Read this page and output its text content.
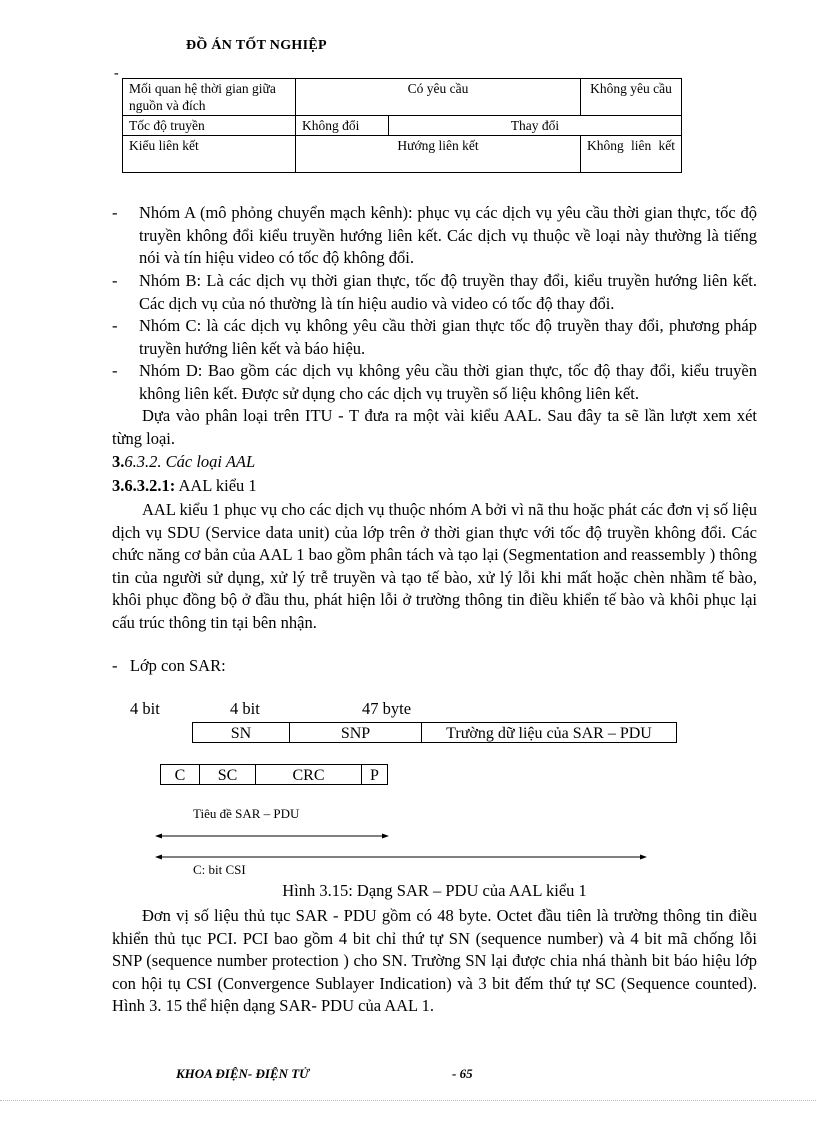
ĐỒ ÁN TỐT NGHIỆP
-
Mối quan hệ thời gian giữa nguồn và đích	Có yêu cầu		Không yêu cầu
Tốc độ truyền	Không đổi	Thay đổi	
Kiểu liên kết	Hướng liên kết		Không liên kết
- Nhóm A (mô phỏng chuyển mạch kênh): phục vụ các dịch vụ yêu cầu thời gian thực, tốc độ truyền không đổi kiểu truyền hướng liên kết. Các dịch vụ thuộc về loại này thường là tiếng nói và tín hiệu video có tốc độ không đổi.
- Nhóm B: Là các dịch vụ thời gian thực, tốc độ truyền thay đổi, kiểu truyền hướng liên kết. Các dịch vụ của nó thường là tín hiệu audio và video có tốc độ thay đổi.
- Nhóm C: là các dịch vụ không yêu cầu thời gian thực tốc độ truyền thay đổi, phương pháp truyền hướng liên kết và báo hiệu.
- Nhóm D: Bao gồm các dịch vụ không yêu cầu thời gian thực, tốc độ thay đổi, kiểu truyền không liên kết. Được sử dụng cho các dịch vụ truyền số liệu không liên kết.
Dựa vào phân loại trên ITU - T đưa ra một vài kiểu AAL. Sau đây ta sẽ lần lượt xem xét từng loại.
3.6.3.2. Các loại AAL
3.6.3.2.1: AAL kiểu 1
AAL kiểu 1 phục vụ cho các dịch vụ thuộc nhóm A bởi vì nã thu hoặc phát các đơn vị số liệu dịch vụ SDU (Service data unit) của lớp trên ở thời gian thực với tốc độ truyền không đổi. Các chức năng cơ bản của AAL 1 bao gồm phân tách và tạo lại (Segmentation and reassembly ) thông tin của người sử dụng, xử lý trễ truyền và tạo tế bào, xử lý lỗi khi mất hoặc chèn nhầm tế bào, khôi phục đồng bộ ở đầu thu, phát hiện lỗi ở trường thông tin điều khiển tế bào và khôi phục lại cấu trúc thông tin tại bên nhận.
-   Lớp con SAR:
4 bit	4 bit	47 byte
SN	SNP	Trường dữ liệu của SAR – PDU
C	SC	CRC	P
Tiêu đề SAR – PDU
C: bit CSI
Hình 3.15: Dạng SAR – PDU của AAL kiểu 1
Đơn vị số liệu thủ tục SAR - PDU gồm có 48 byte. Octet đầu tiên là trường thông tin điều khiển thủ tục PCI. PCI bao gồm 4 bit chỉ thứ tự SN (sequence number) và 4 bit mã chống lỗi SNP (sequence number protection ) cho SN. Trường SN lại được chia nhá thành bit báo hiệu lớp con hội tụ CSI (Convergence Sublayer Indication) và 3 bit đếm thứ tự SC (Sequence counted). Hình 3. 15 thể hiện dạng SAR- PDU của AAL 1.
KHOA ĐIỆN- ĐIỆN TỬ	- 65
